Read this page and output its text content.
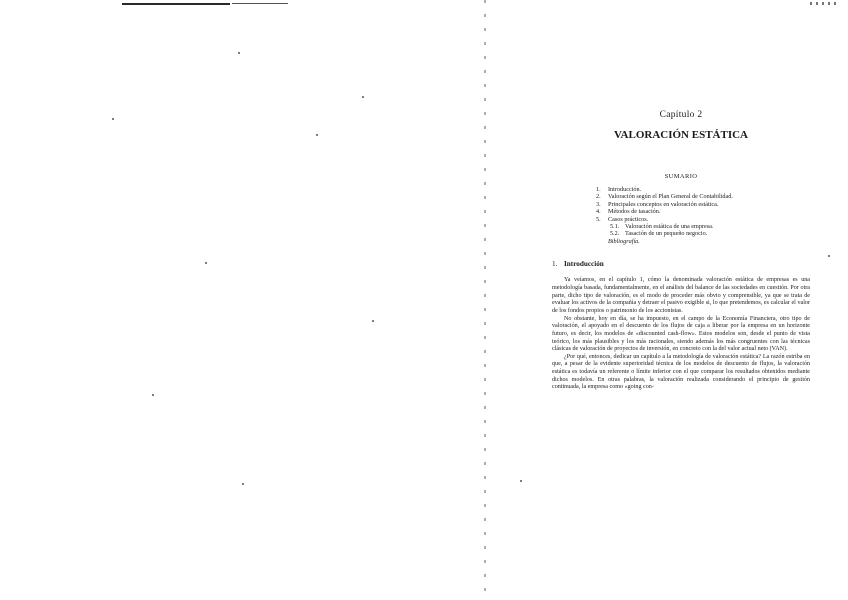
Capítulo 2
VALORACIÓN ESTÁTICA
SUMARIO
1.	Introducción.
2.	Valoración según el Plan General de Contabilidad.
3.	Principales conceptos en valoración estática.
4.	Métodos de tasación.
5.	Casos prácticos.
5.1. Valoración estática de una empresa.
5.2. Tasación de un pequeño negocio.
Bibliografía.
1. Introducción

Ya veíamos, en el capítulo 1, cómo la denominada valoración estática de empresas es una metodología basada, fundamentalmente, en el análisis del balance de las sociedades en cuestión. Por otra parte, dicho tipo de valoración, es el modo de proceder más obvio y comprensible, ya que se trata de evaluar los activos de la compañía y detraer el pasivo exigible si, lo que pretendemos, es calcular el valor de los fondos propios o patrimonio de los accionistas.

No obstante, hoy en día, se ha impuesto, en el campo de la Economía Financiera, otro tipo de valoración, el apoyado en el descuento de los flujos de caja a liberar por la empresa en un horizonte futuro, es decir, los modelos de «discounted cash-flow». Estos modelos son, desde el punto de vista teórico, los más plausibles y los más racionales, siendo además los más congruentes con las técnicas clásicas de valoración de proyectos de inversión, en concreto con la del valor actual neto (VAN).

¿Por qué, entonces, dedicar un capítulo a la metodología de valoración estática? La razón estriba en que, a pesar de la evidente superioridad técnica de los modelos de descuento de flujos, la valoración estática es todavía un referente o límite inferior con el que comparar los resultados obtenidos mediante dichos modelos. En otras palabras, la valoración realizada considerando el principio de gestión continuada, la empresa como «going con-
